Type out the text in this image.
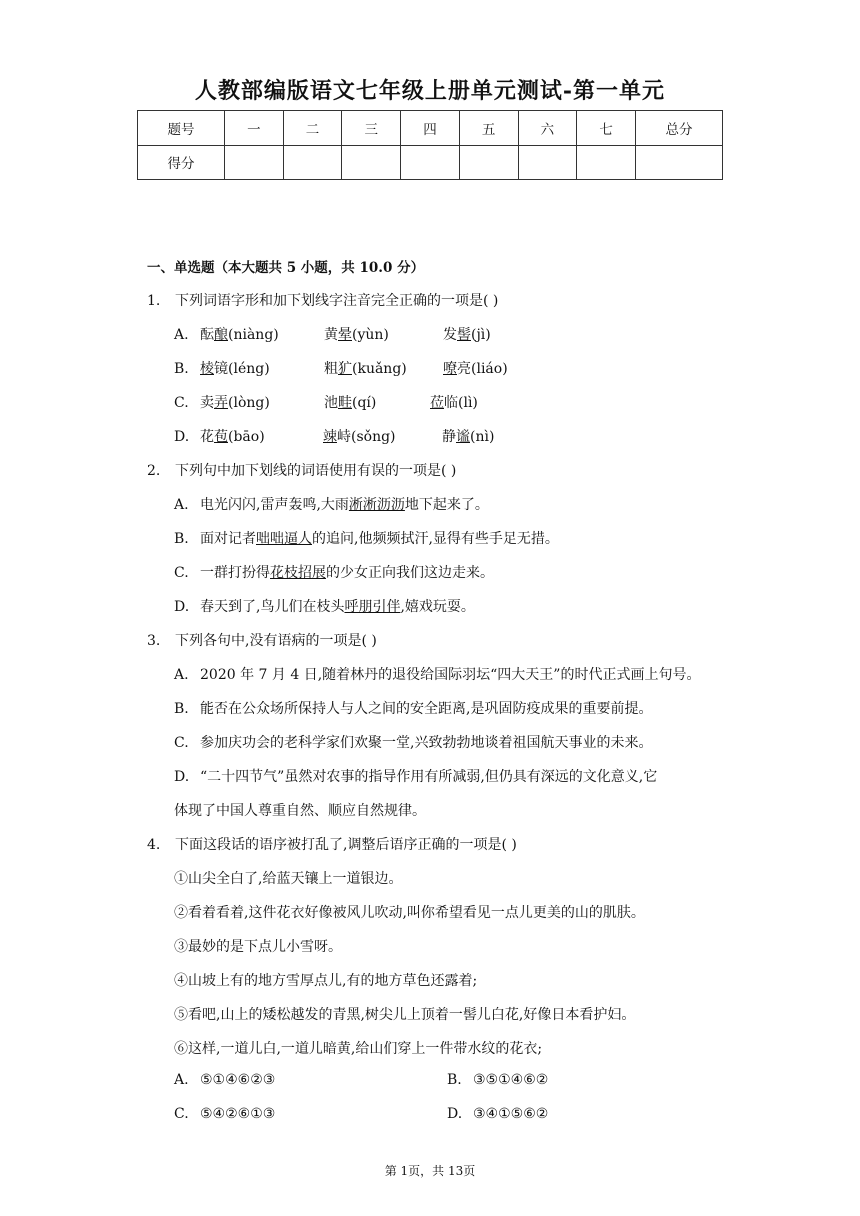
人教部编版语文七年级上册单元测试-第一单元
题号	一	二	三	四	五	六	七	总分
得分								
一、单选题（本大题共 5 小题，共 10.0 分）
1. 下列词语字形和加下划线字注音完全正确的一项是( )
A. 酝酿(niàng)	黄晕(yùn)	发髻(jì)
B. 棱镜(léng)	粗犷(kuǎng)	嘹亮(liáo)
C. 卖弄(lòng)	池畦(qí)	莅临(lì)
D. 花苞(bāo)	竦峙(sǒng)	静谧(nì)
2. 下列句中加下划线的词语使用有误的一项是( )
A. 电光闪闪,雷声轰鸣,大雨淅淅沥沥地下起来了。
B. 面对记者咄咄逼人的追问,他频频拭汗,显得有些手足无措。
C. 一群打扮得花枝招展的少女正向我们这边走来。
D. 春天到了,鸟儿们在枝头呼朋引伴,嬉戏玩耍。
3. 下列各句中,没有语病的一项是( )
A. 2020 年 7 月 4 日,随着林丹的退役给国际羽坛“四大天王”的时代正式画上句号。
B. 能否在公众场所保持人与人之间的安全距离,是巩固防疫成果的重要前提。
C. 参加庆功会的老科学家们欢聚一堂,兴致勃勃地谈着祖国航天事业的未来。
D. “二十四节气”虽然对农事的指导作用有所减弱,但仍具有深远的文化意义,它
体现了中国人尊重自然、顺应自然规律。
4. 下面这段话的语序被打乱了,调整后语序正确的一项是( )
①山尖全白了,给蓝天镶上一道银边。
②看着看着,这件花衣好像被风儿吹动,叫你希望看见一点儿更美的山的肌肤。
③最妙的是下点儿小雪呀。
④山坡上有的地方雪厚点儿,有的地方草色还露着;
⑤看吧,山上的矮松越发的青黑,树尖儿上顶着一髻儿白花,好像日本看护妇。
⑥这样,一道儿白,一道儿暗黄,给山们穿上一件带水纹的花衣;
A. ⑤①④⑥②③	B. ③⑤①④⑥②
C. ⑤④②⑥①③	D. ③④①⑤⑥②
第 1页，共 13页
